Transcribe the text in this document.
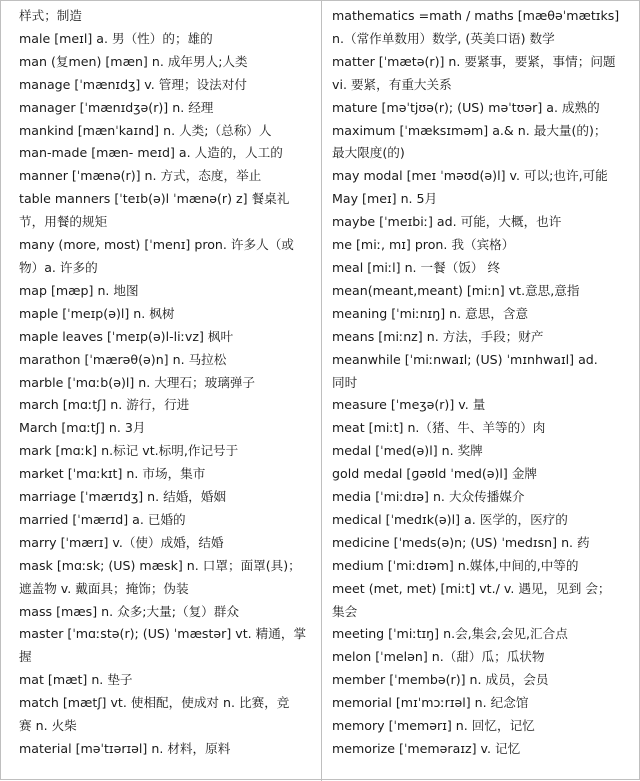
样式；制造
male [meɪl] a. 男（性）的；雄的
man (复men) [mæn] n. 成年男人;人类
manage [ˈmænɪdʒ] v. 管理；设法对付
manager [ˈmænɪdʒə(r)] n. 经理
mankind [mænˈkaɪnd] n. 人类;（总称）人
man-made [mæn- meɪd] a. 人造的，人工的
manner [ˈmænə(r)] n. 方式，态度，举止
table manners [ˈteɪb(ə)l ˈmænə(r) z] 餐桌礼
节，用餐的规矩
many (more, most) [ˈmenɪ] pron. 许多人（或
物）a. 许多的
map [mæp] n. 地图
maple [ˈmeɪp(ə)l] n. 枫树
maple leaves [ˈmeɪp(ə)l-liːvz] 枫叶
marathon [ˈmærəθ(ə)n] n. 马拉松
marble [ˈmɑːb(ə)l] n. 大理石；玻璃弹子
march [mɑːtʃ] n. 游行，行进
March [mɑːtʃ] n. 3月
mark [mɑːk] n.标记 vt.标明,作记号于
market [ˈmɑːkɪt] n. 市场，集市
marriage [ˈmærɪdʒ] n. 结婚，婚姻
married [ˈmærɪd] a. 已婚的
marry [ˈmærɪ] v.（使）成婚，结婚
mask [mɑːsk; (US) mæsk] n. 口罩；面罩(具)；
遮盖物 v. 戴面具；掩饰；伪装
mass [mæs] n. 众多;大量;（复）群众
master [ˈmɑːstə(r); (US) ˈmæstər] vt. 精通，掌
握
mat [mæt] n. 垫子
match [mætʃ] vt. 使相配，使成对 n. 比赛，竞
赛 n. 火柴
material [məˈtɪərɪəl] n. 材料，原料
mathematics =math / maths [mæθəˈmætɪks]
n.（常作单数用）数学, (英美口语) 数学
matter [ˈmætə(r)] n. 要紧事，要紧，事情；问题
vi. 要紧，有重大关系
mature [məˈtjʊə(r); (US) məˈtʊər] a. 成熟的
maximum [ˈmæksɪməm] a.& n. 最大量(的)；
最大限度(的)
may modal [meɪ ˈməʊd(ə)l] v. 可以;也许,可能
May [meɪ] n. 5月
maybe [ˈmeɪbiː] ad. 可能，大概，也许
me [miː, mɪ] pron. 我（宾格）
meal [miːl] n. 一餐（饭） 终
mean(meant,meant) [miːn] vt.意思,意指
meaning [ˈmiːnɪŋ] n. 意思，含意
means [miːnz] n. 方法，手段；财产
meanwhile [ˈmiːnwaɪl; (US) ˈmɪnhwaɪl] ad.
同时
measure [ˈmeʒə(r)] v. 量
meat [miːt] n.（猪、牛、羊等的）肉
medal [ˈmed(ə)l] n. 奖牌
gold medal [ɡəʊld ˈmed(ə)l] 金牌
media [ˈmiːdɪə] n. 大众传播媒介
medical [ˈmedɪk(ə)l] a. 医学的，医疗的
medicine [ˈmeds(ə)n; (US) ˈmedɪsn] n. 药
medium [ˈmiːdɪəm] n.媒体,中间的,中等的
meet (met, met) [miːt] vt./ v. 遇见，见到 会；
集会
meeting [ˈmiːtɪŋ] n.会,集会,会见,汇合点
melon [ˈmelən] n.（甜）瓜；瓜状物
member [ˈmembə(r)] n. 成员，会员
memorial [mɪˈmɔːrɪəl] n. 纪念馆
memory [ˈmemərɪ] n. 回忆，记忆
memorize [ˈmeməraɪz] v. 记忆
